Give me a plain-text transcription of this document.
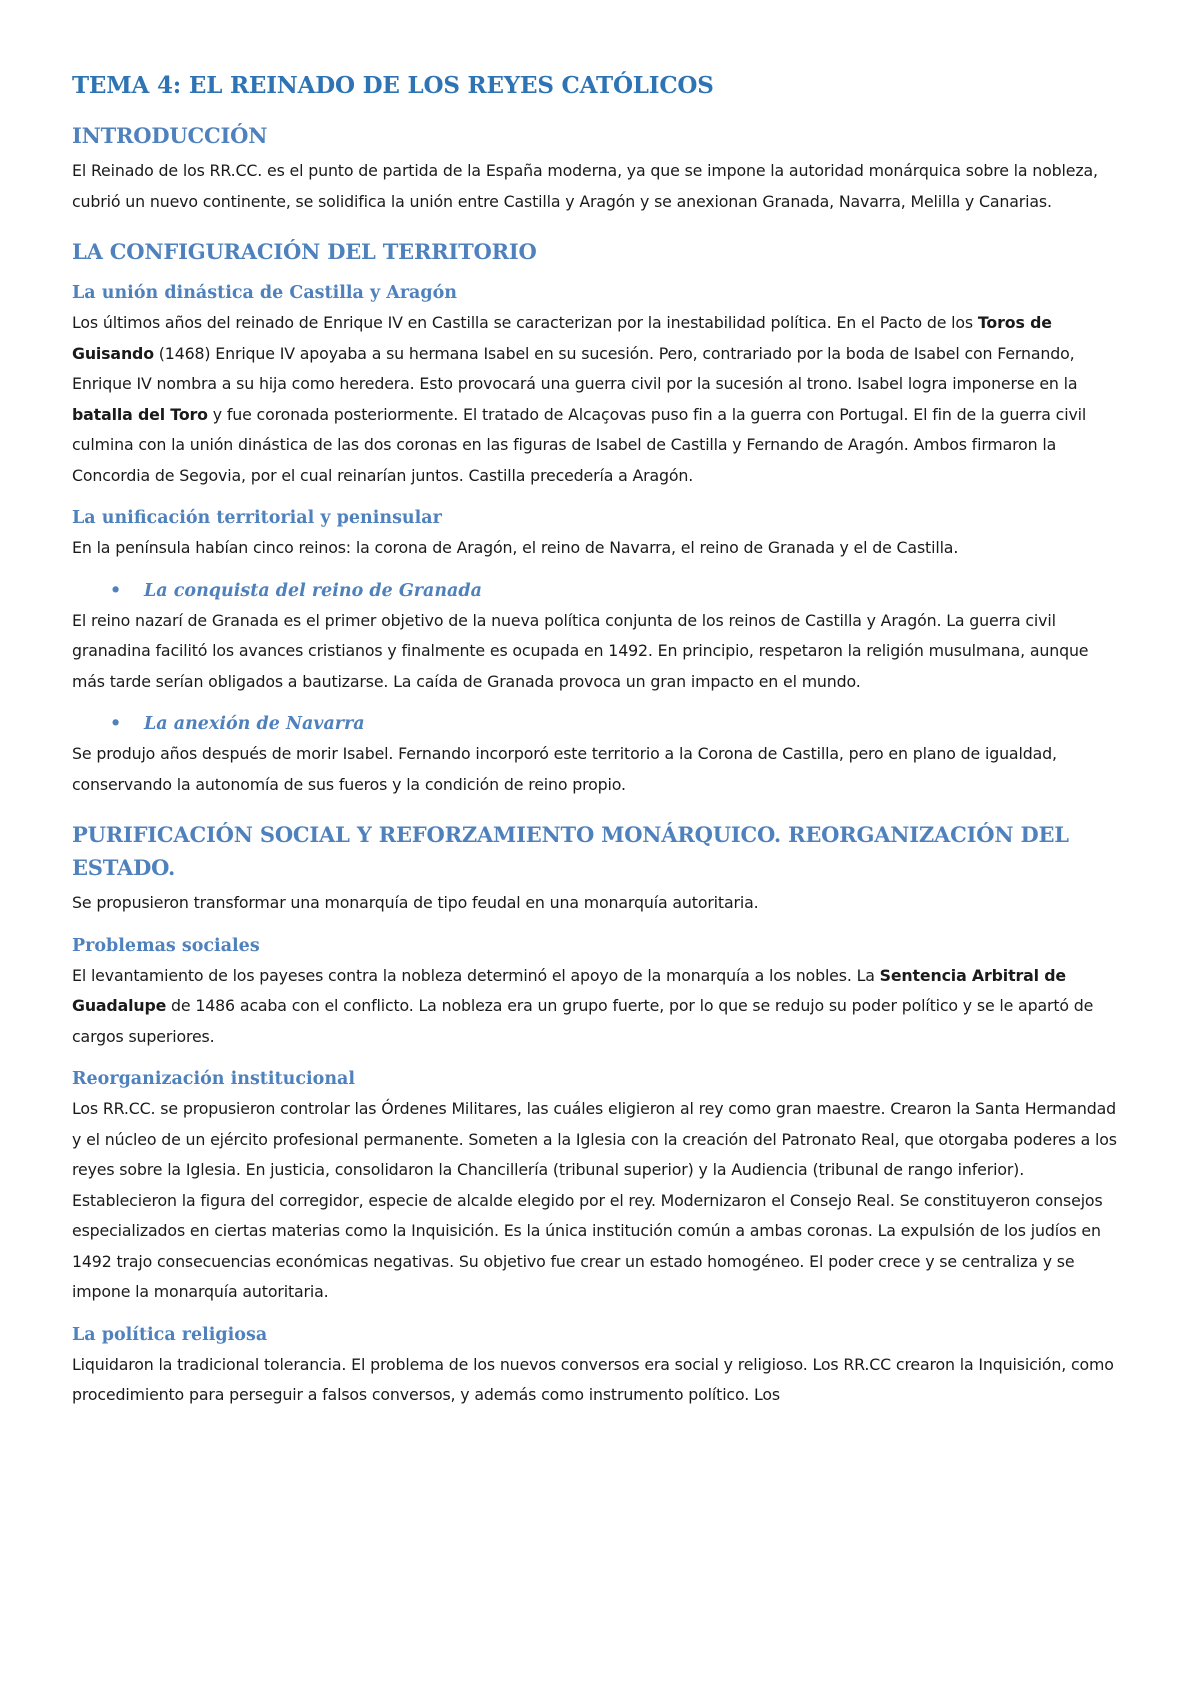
TEMA 4: EL REINADO DE LOS REYES CATÓLICOS
INTRODUCCIÓN

El Reinado de los RR.CC. es el punto de partida de la España moderna, ya que se impone la autoridad monárquica sobre la nobleza, cubrió un nuevo continente, se solidifica la unión entre Castilla y Aragón y se anexionan Granada, Navarra, Melilla y Canarias.

LA CONFIGURACIÓN DEL TERRITORIO
La unión dinástica de Castilla y Aragón

Los últimos años del reinado de Enrique IV en Castilla se caracterizan por la inestabilidad política. En el Pacto de los Toros de Guisando (1468) Enrique IV apoyaba a su hermana Isabel en su sucesión. Pero, contrariado por la boda de Isabel con Fernando, Enrique IV nombra a su hija como heredera. Esto provocará una guerra civil por la sucesión al trono. Isabel logra imponerse en la batalla del Toro y fue coronada posteriormente. El tratado de Alcaçovas puso fin a la guerra con Portugal. El fin de la guerra civil culmina con la unión dinástica de las dos coronas en las figuras de Isabel de Castilla y Fernando de Aragón. Ambos firmaron la Concordia de Segovia, por el cual reinarían juntos. Castilla precedería a Aragón.

La unificación territorial y peninsular

En la península habían cinco reinos: la corona de Aragón, el reino de Navarra, el reino de Granada y el de Castilla.

• La conquista del reino de Granada

El reino nazarí de Granada es el primer objetivo de la nueva política conjunta de los reinos de Castilla y Aragón. La guerra civil granadina facilitó los avances cristianos y finalmente es ocupada en 1492. En principio, respetaron la religión musulmana, aunque más tarde serían obligados a bautizarse. La caída de Granada provoca un gran impacto en el mundo.

• La anexión de Navarra

Se produjo años después de morir Isabel. Fernando incorporó este territorio a la Corona de Castilla, pero en plano de igualdad, conservando la autonomía de sus fueros y la condición de reino propio.

PURIFICACIÓN SOCIAL Y REFORZAMIENTO MONÁRQUICO. REORGANIZACIÓN DEL ESTADO.

Se propusieron transformar una monarquía de tipo feudal en una monarquía autoritaria.

Problemas sociales

El levantamiento de los payeses contra la nobleza determinó el apoyo de la monarquía a los nobles. La Sentencia Arbitral de Guadalupe de 1486 acaba con el conflicto. La nobleza era un grupo fuerte, por lo que se redujo su poder político y se le apartó de cargos superiores.

Reorganización institucional

Los RR.CC. se propusieron controlar las Órdenes Militares, las cuáles eligieron al rey como gran maestre. Crearon la Santa Hermandad y el núcleo de un ejército profesional permanente. Someten a la Iglesia con la creación del Patronato Real, que otorgaba poderes a los reyes sobre la Iglesia. En justicia, consolidaron la Chancillería (tribunal superior) y la Audiencia (tribunal de rango inferior). Establecieron la figura del corregidor, especie de alcalde elegido por el rey. Modernizaron el Consejo Real. Se constituyeron consejos especializados en ciertas materias como la Inquisición. Es la única institución común a ambas coronas. La expulsión de los judíos en 1492 trajo consecuencias económicas negativas. Su objetivo fue crear un estado homogéneo. El poder crece y se centraliza y se impone la monarquía autoritaria.

La política religiosa

Liquidaron la tradicional tolerancia. El problema de los nuevos conversos era social y religioso. Los RR.CC crearon la Inquisición, como procedimiento para perseguir a falsos conversos, y además como instrumento político. Los
